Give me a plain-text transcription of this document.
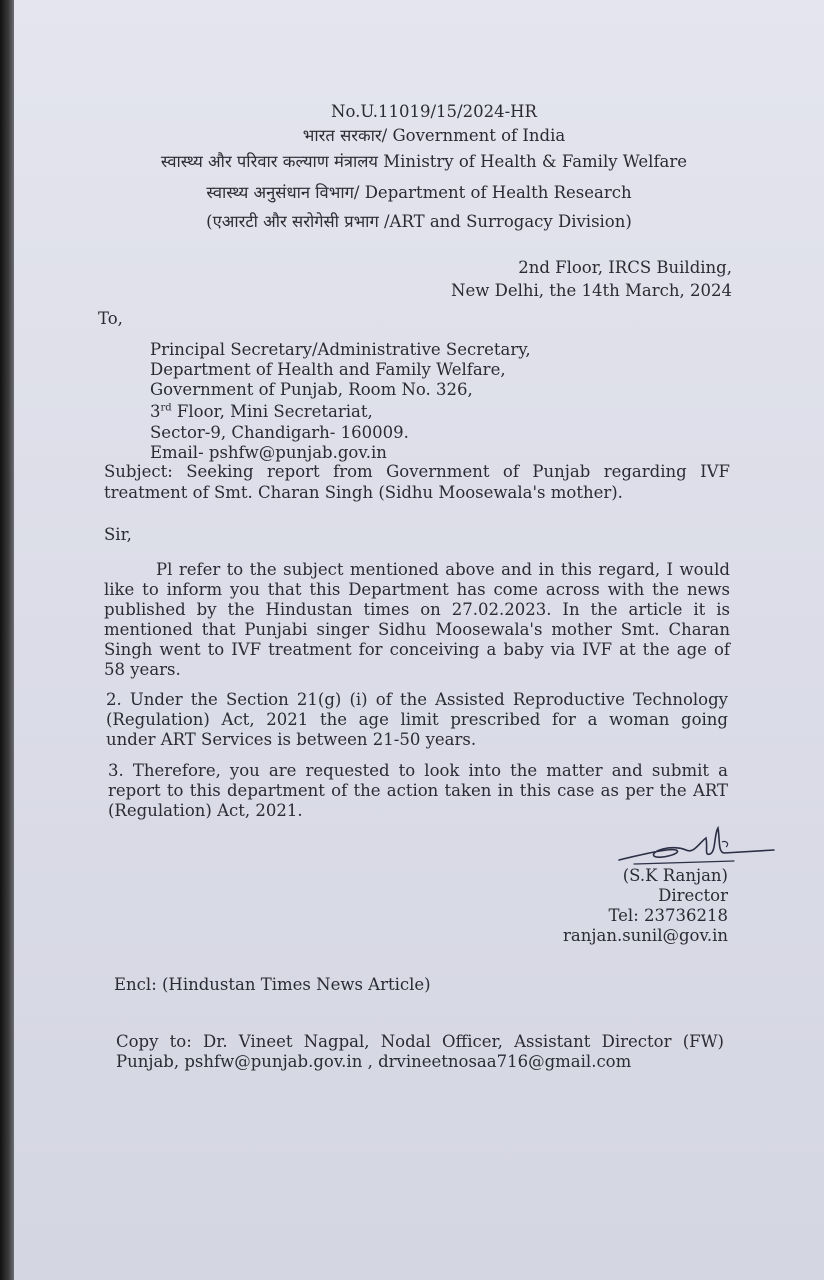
No.U.11019/15/2024-HR
भारत सरकार/ Government of India
स्वास्थ्य और परिवार कल्याण मंत्रालय Ministry of Health & Family Welfare
स्वास्थ्य अनुसंधान विभाग/ Department of Health Research
(एआरटी और सरोगेसी प्रभाग /ART and Surrogacy Division)
2nd Floor, IRCS Building,
New Delhi, the 14th March, 2024
To,
Principal Secretary/Administrative Secretary,
Department of Health and Family Welfare,
Government of Punjab, Room No. 326,
3rd Floor, Mini Secretariat,
Sector-9, Chandigarh- 160009.
Email- pshfw@punjab.gov.in
Subject: Seeking report from Government of Punjab regarding IVF
treatment of Smt. Charan Singh (Sidhu Moosewala's mother).
Sir,
Pl refer to the subject mentioned above and in this regard, I would
like to inform you that this Department has come across with the news
published by the Hindustan times on 27.02.2023. In the article it is
mentioned that Punjabi singer Sidhu Moosewala's mother Smt. Charan
Singh went to IVF treatment for conceiving a baby via IVF at the age of
58 years.
2. Under the Section 21(g) (i) of the Assisted Reproductive Technology
(Regulation) Act, 2021 the age limit prescribed for a woman going
under ART Services is between 21-50 years.
3. Therefore, you are requested to look into the matter and submit a
report to this department of the action taken in this case as per the ART
(Regulation) Act, 2021.
(S.K Ranjan)
Director
Tel: 23736218
ranjan.sunil@gov.in
Encl: (Hindustan Times News Article)
Copy to: Dr. Vineet Nagpal, Nodal Officer, Assistant Director (FW)
Punjab, pshfw@punjab.gov.in , drvineetnosaa716@gmail.com
